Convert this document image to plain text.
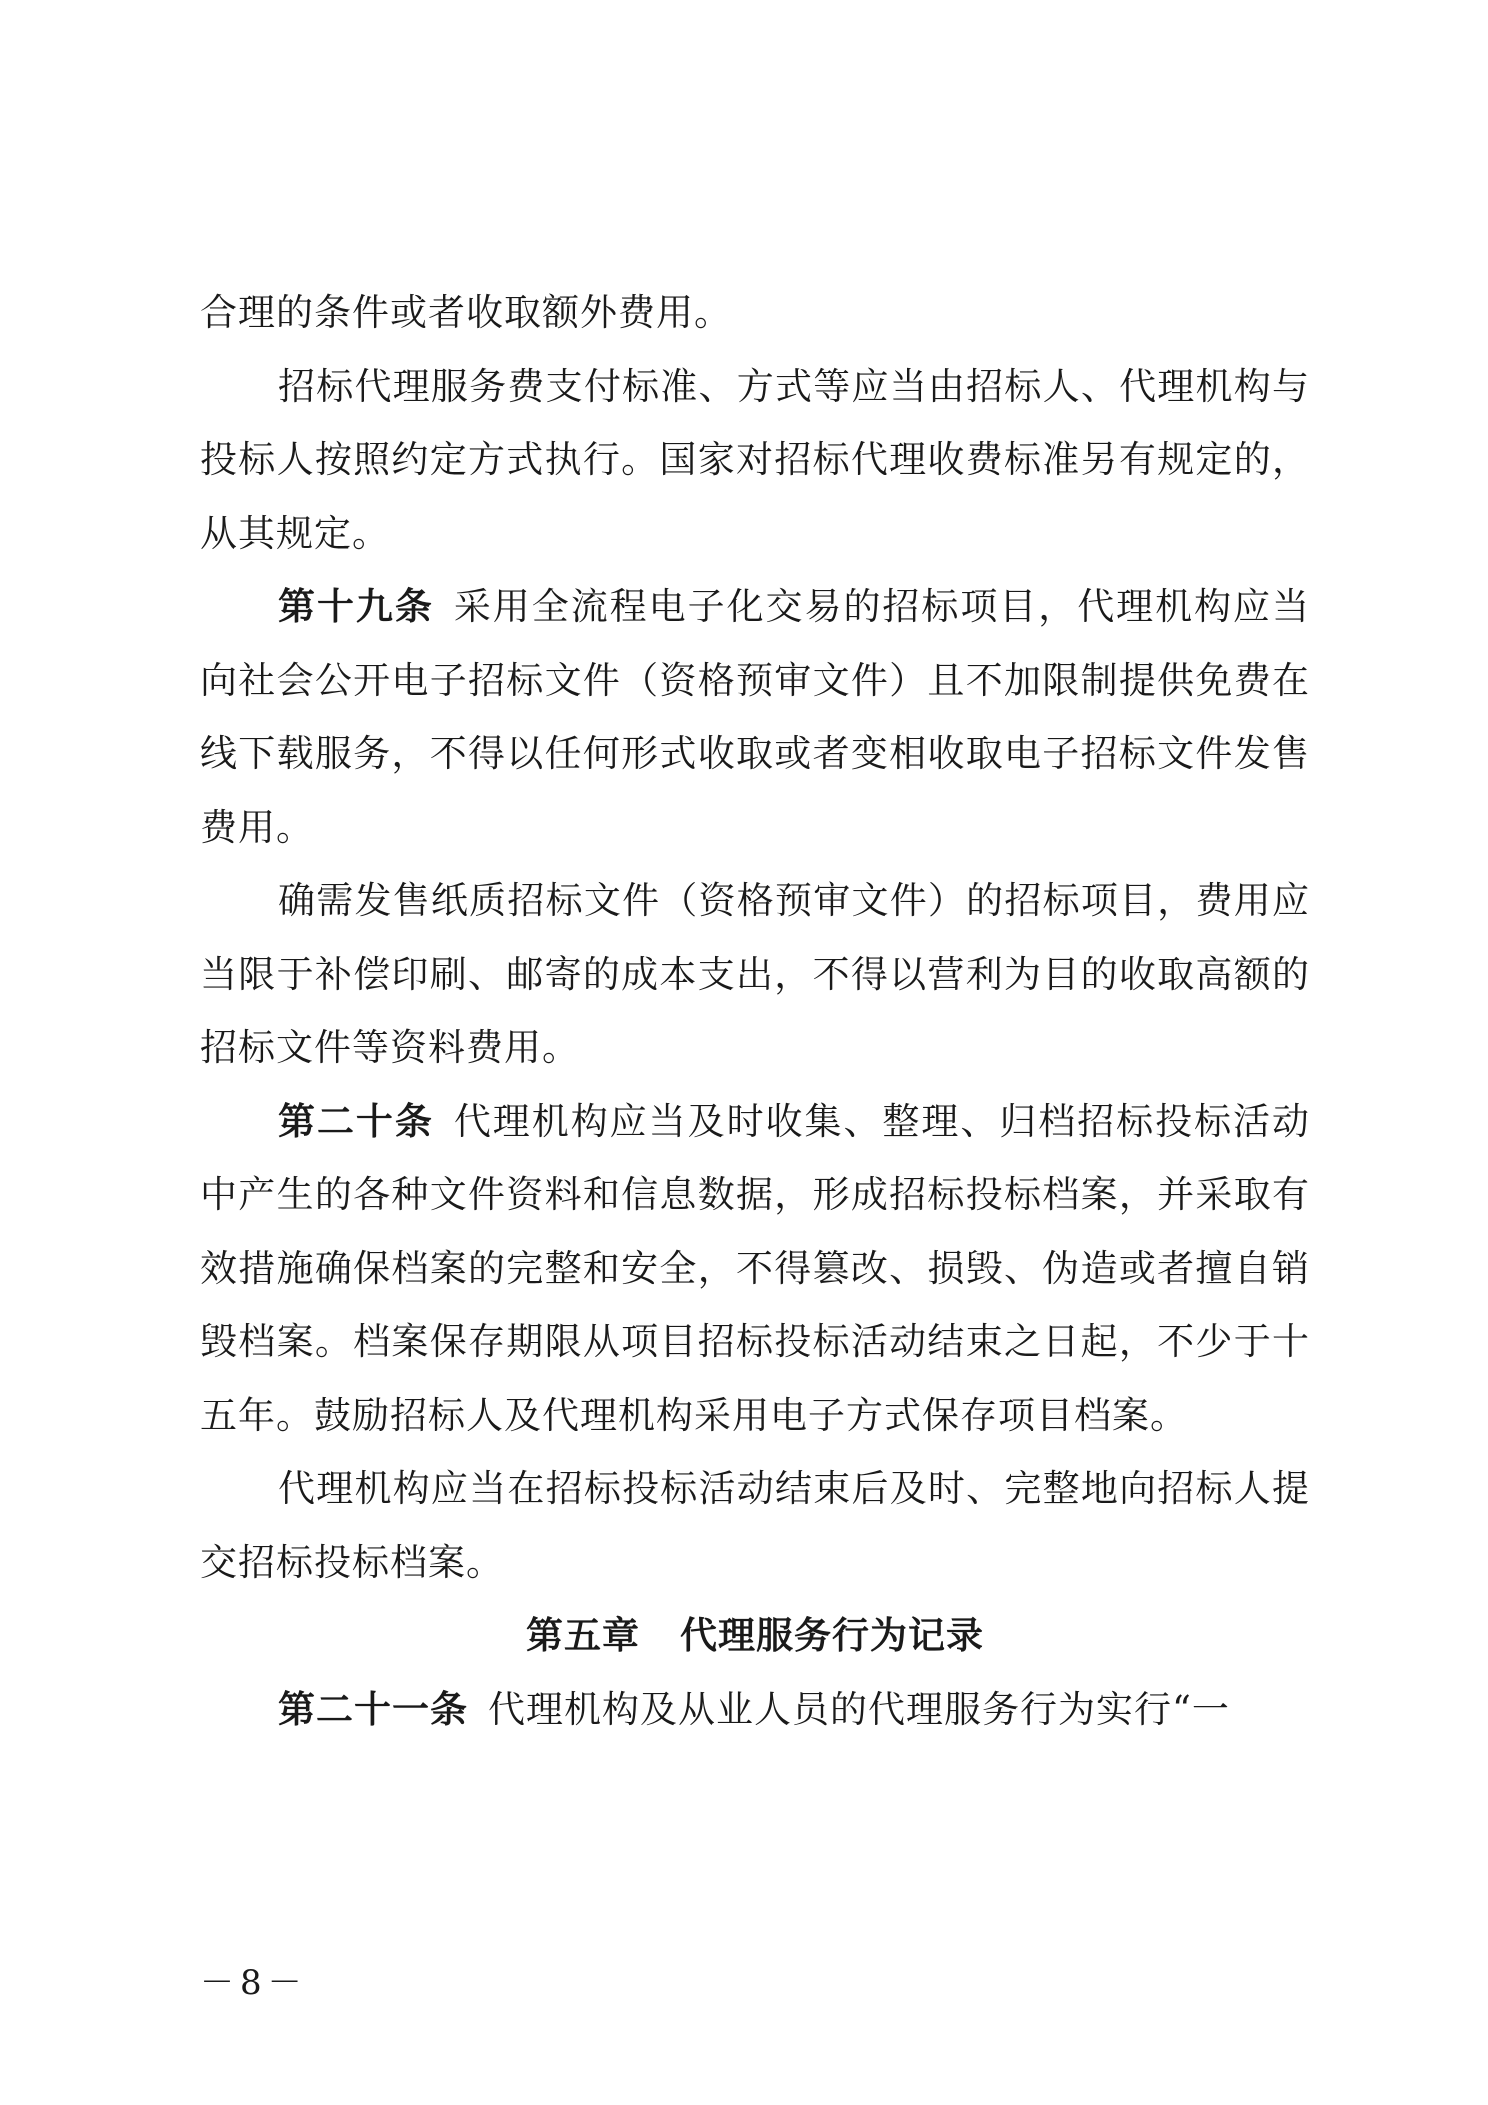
合理的条件或者收取额外费用。

招标代理服务费支付标准、方式等应当由招标人、代理机构与投标人按照约定方式执行。国家对招标代理收费标准另有规定的，从其规定。

第十九条 采用全流程电子化交易的招标项目，代理机构应当向社会公开电子招标文件（资格预审文件）且不加限制提供免费在线下载服务，不得以任何形式收取或者变相收取电子招标文件发售费用。

确需发售纸质招标文件（资格预审文件）的招标项目，费用应当限于补偿印刷、邮寄的成本支出，不得以营利为目的收取高额的招标文件等资料费用。

第二十条 代理机构应当及时收集、整理、归档招标投标活动中产生的各种文件资料和信息数据，形成招标投标档案，并采取有效措施确保档案的完整和安全，不得篡改、损毁、伪造或者擅自销毁档案。档案保存期限从项目招标投标活动结束之日起，不少于十五年。鼓励招标人及代理机构采用电子方式保存项目档案。

代理机构应当在招标投标活动结束后及时、完整地向招标人提交招标投标档案。

第五章 代理服务行为记录

第二十一条 代理机构及从业人员的代理服务行为实行“一

－8－
